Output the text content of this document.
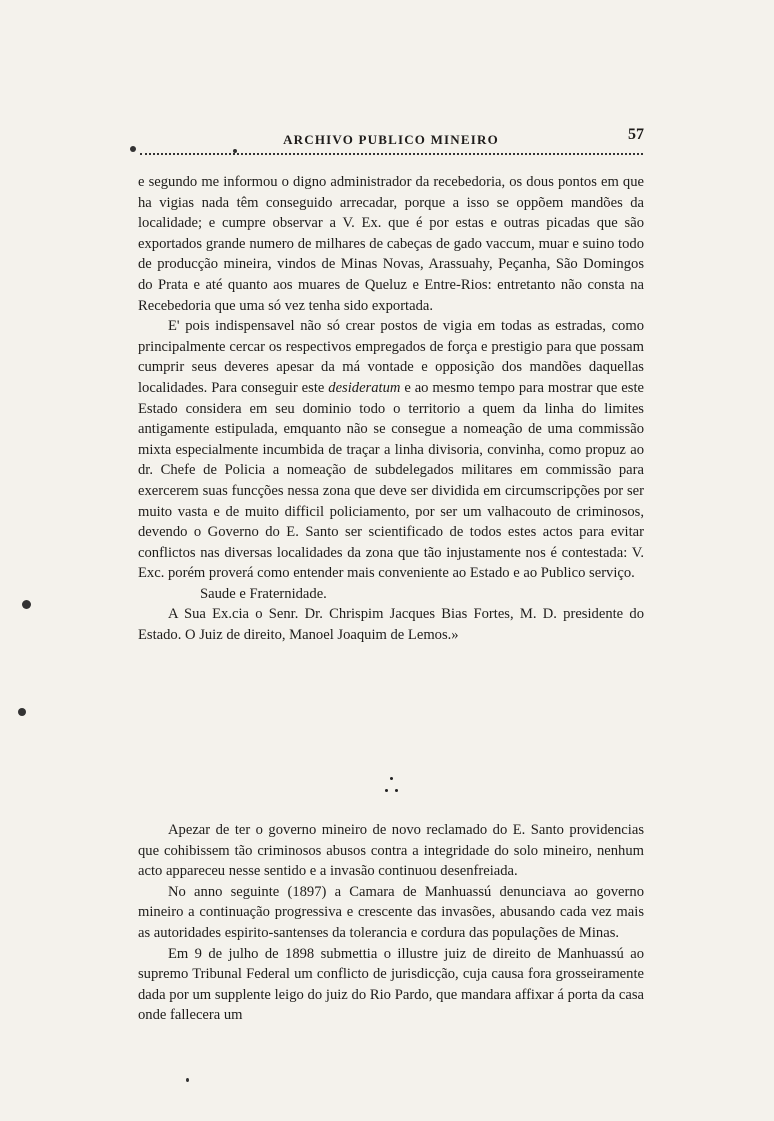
ARCHIVO PUBLICO MINEIRO	57

e segundo me informou o digno administrador da recebedoria, os dous pontos em que ha vigias nada têm conseguido arrecadar, porque a isso se oppõem mandões da localidade; e cumpre observar a V. Ex. que é por estas e outras picadas que são exportados grande numero de milhares de cabeças de gado vaccum, muar e suino todo de producção mineira, vindos de Minas Novas, Arassuahy, Peçanha, São Domingos do Prata e até quanto aos muares de Queluz e Entre-Rios: entretanto não consta na Recebedoria que uma só vez tenha sido exportada.

E' pois indispensavel não só crear postos de vigia em todas as estradas, como principalmente cercar os respectivos empregados de força e prestigio para que possam cumprir seus deveres apesar da má vontade e opposição dos mandões daquellas localidades. Para conseguir este desideratum e ao mesmo tempo para mostrar que este Estado considera em seu dominio todo o territorio a quem da linha do limites antigamente estipulada, emquanto não se consegue a nomeação de uma commissão mixta especialmente incumbida de traçar a linha divisoria, convinha, como propuz ao dr. Chefe de Policia a nomeação de subdelegados militares em commissão para exercerem suas funcções nessa zona que deve ser dividida em circumscripções por ser muito vasta e de muito difficil policiamento, por ser um valhacouto de criminosos, devendo o Governo do E. Santo ser scientificado de todos estes actos para evitar conflictos nas diversas localidades da zona que tão injustamente nos é contestada: V. Exc. porém proverá como entender mais conveniente ao Estado e ao Publico serviço.

Saude e Fraternidade.

A Sua Ex.cia o Senr. Dr. Chrispim Jacques Bias Fortes, M. D. presidente do Estado. O Juiz de direito, Manoel Joaquim de Lemos.»

Apezar de ter o governo mineiro de novo reclamado do E. Santo providencias que cohibissem tão criminosos abusos contra a integridade do solo mineiro, nenhum acto appareceu nesse sentido e a invasão continuou desenfreiada.

No anno seguinte (1897) a Camara de Manhuassú denunciava ao governo mineiro a continuação progressiva e crescente das invasões, abusando cada vez mais as autoridades espirito-santenses da tolerancia e cordura das populações de Minas.

Em 9 de julho de 1898 submettia o illustre juiz de direito de Manhuassú ao supremo Tribunal Federal um conflicto de jurisdicção, cuja causa fora grosseiramente dada por um supplente leigo do juiz do Rio Pardo, que mandara affixar á porta da casa onde fallecera um
